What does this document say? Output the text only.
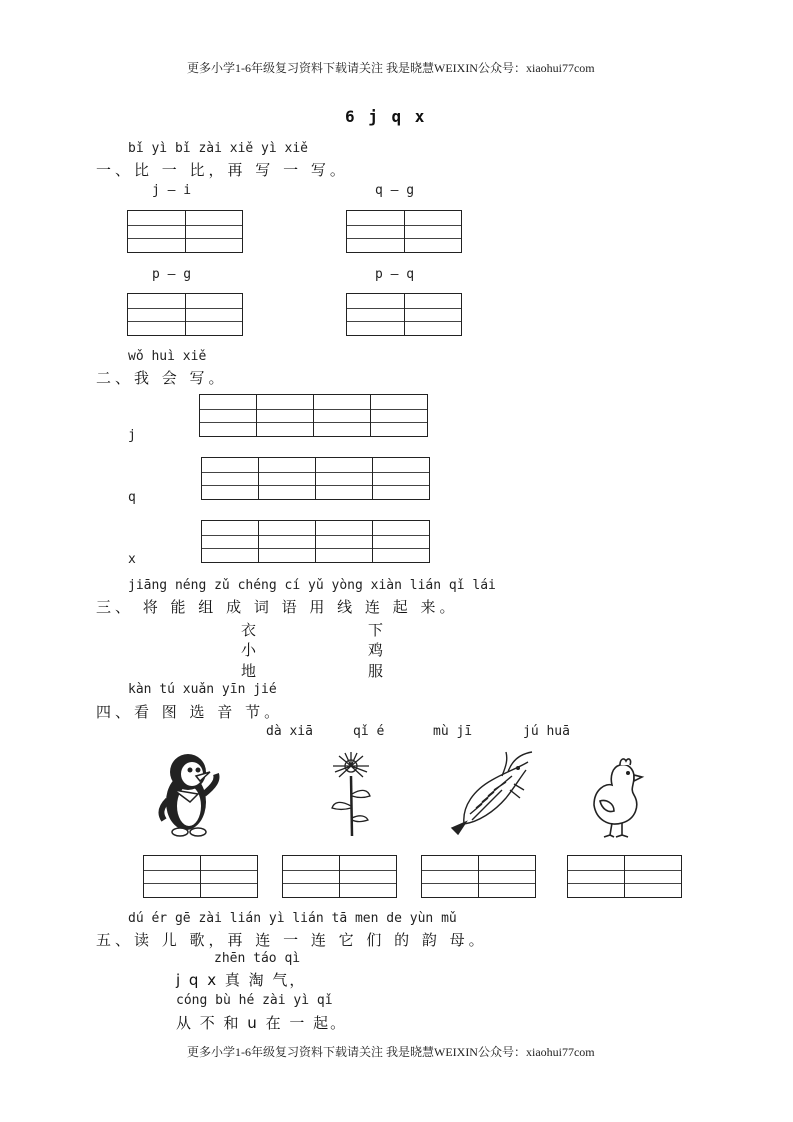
更多小学1-6年级复习资料下载请关注 我是晓慧WEIXIN公众号：xiaohui77com
更多小学1-6年级复习资料下载请关注 我是晓慧WEIXIN公众号：xiaohui77com
6 j q x
bǐ yì bǐ zài xiě yì xiě
一、比 一 比，再 写 一 写。
j — i	q — g
p — g	p — q
wǒ huì xiě
二、我 会 写。
j
q
x
jiāng néng zǔ chéng cí yǔ yòng xiàn lián qǐ lái
三、 将 能 组 成 词 语 用 线 连 起 来。
衣
小
地
下
鸡
服
kàn tú xuǎn yīn jié
四、看 图 选 音 节。
dà xiā	qǐ é	mù jī	jú huā
dú ér gē zài lián yì lián tā men de yùn mǔ
五、读 儿 歌，再 连 一 连 它 们 的 韵 母。
zhēn táo qì
j q x 真 淘 气，
cóng bù hé zài yì qǐ
从 不 和 u 在 一 起。
